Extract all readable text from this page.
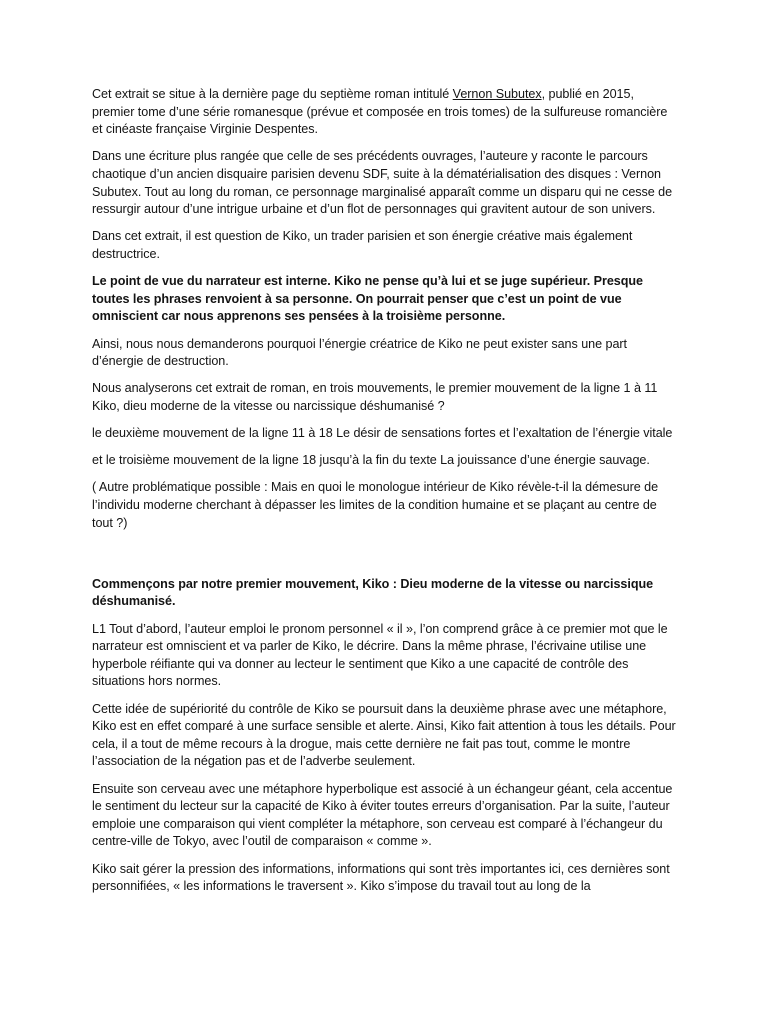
Cet extrait se situe à la dernière page du septième roman intitulé Vernon Subutex, publié en 2015, premier tome d’une série romanesque (prévue et composée en trois tomes) de la sulfureuse romancière et cinéaste française Virginie Despentes.

Dans une écriture plus rangée que celle de ses précédents ouvrages, l’auteure y raconte le parcours chaotique d’un ancien disquaire parisien devenu SDF, suite à la dématérialisation des disques : Vernon Subutex. Tout au long du roman, ce personnage marginalisé apparaît comme un disparu qui ne cesse de ressurgir autour d’une intrigue urbaine et d’un flot de personnages qui gravitent autour de son univers.

Dans cet extrait, il est question de Kiko, un trader parisien et son énergie créative mais également destructrice.

Le point de vue du narrateur est interne. Kiko ne pense qu’à lui et se juge supérieur. Presque toutes les phrases renvoient à sa personne. On pourrait penser que c’est un point de vue omniscient car nous apprenons ses pensées à la troisième personne.

Ainsi, nous nous demanderons pourquoi l’énergie créatrice de Kiko ne peut exister sans une part d’énergie de destruction.

Nous analyserons cet extrait de roman, en trois mouvements, le premier mouvement de la ligne 1 à 11 Kiko, dieu moderne de la vitesse ou narcissique déshumanisé ?

le deuxième mouvement de la ligne 11 à 18 Le désir de sensations fortes et l’exaltation de l’énergie vitale

et le troisième mouvement de la ligne 18 jusqu’à la fin du texte La jouissance d’une énergie sauvage.

( Autre problématique possible : Mais en quoi le monologue intérieur de Kiko révèle-t-il la démesure de l’individu moderne cherchant à dépasser les limites de la condition humaine et se plaçant au centre de tout ?)

Commençons par notre premier mouvement, Kiko : Dieu moderne de la vitesse ou narcissique déshumanisé.

L1 Tout d’abord, l’auteur emploi le pronom personnel « il », l’on comprend grâce à ce premier mot que le narrateur est omniscient et va parler de Kiko, le décrire. Dans la même phrase, l’écrivaine utilise une hyperbole réifiante qui va donner au lecteur le sentiment que Kiko a une capacité de contrôle des situations hors normes.

Cette idée de supériorité du contrôle de Kiko se poursuit dans la deuxième phrase avec une métaphore, Kiko est en effet comparé à une surface sensible et alerte. Ainsi, Kiko fait attention à tous les détails. Pour cela, il a tout de même recours à la drogue, mais cette dernière ne fait pas tout, comme le montre l’association de la négation pas et de l’adverbe seulement.

Ensuite son cerveau avec une métaphore hyperbolique est associé à un échangeur géant, cela accentue le sentiment du lecteur sur la capacité de Kiko à éviter toutes erreurs d’organisation. Par la suite, l’auteur emploie une comparaison qui vient compléter la métaphore, son cerveau est comparé à l’échangeur du centre-ville de Tokyo, avec l’outil de comparaison « comme ».

Kiko sait gérer la pression des informations, informations qui sont très importantes ici, ces dernières sont personnifiées, « les informations le traversent ». Kiko s’impose du travail tout au long de la
